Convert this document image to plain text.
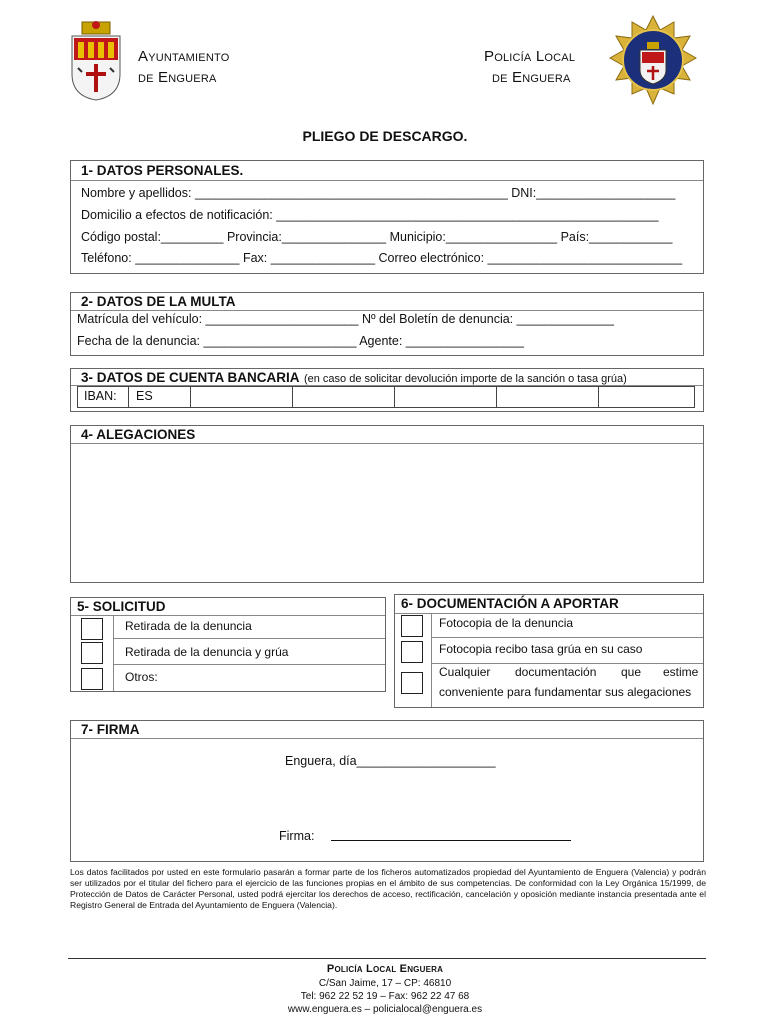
Ayuntamiento
de Enguera
Policía Local
de Enguera
PLIEGO DE DESCARGO.
1- DATOS PERSONALES.
Nombre y apellidos: _____________________________________________ DNI:____________________
Domicilio a efectos de notificación: _______________________________________________________
Código postal:_________ Provincia:_______________ Municipio:________________ País:____________
Teléfono: _______________ Fax: _______________ Correo electrónico: ____________________________
2- DATOS DE LA MULTA
Matrícula del vehículo: ______________________ Nº del Boletín de denuncia: ______________
Fecha de la denuncia: ______________________ Agente: _________________
3- DATOS DE CUENTA BANCARIA (en caso de solicitar devolución importe de la sanción o tasa grúa)
IBAN: ES
4- ALEGACIONES
5- SOLICITUD
Retirada de la denuncia
Retirada de la denuncia y grúa
Otros:
6- DOCUMENTACIÓN A APORTAR
Fotocopia de la denuncia
Fotocopia recibo tasa grúa en su caso
Cualquier documentación que estime
conveniente para fundamentar sus alegaciones
7- FIRMA
Enguera, día____________________
Firma:
Los datos facilitados por usted en este formulario pasarán a formar parte de los ficheros automatizados propiedad del Ayuntamiento de Enguera (Valencia) y podrán ser utilizados por el titular del fichero para el ejercicio de las funciones propias en el ámbito de sus competencias. De conformidad con la Ley Orgánica 15/1999, de Protección de Datos de Carácter Personal, usted podrá ejercitar los derechos de acceso, rectificación, cancelación y oposición mediante instancia presentada ante el Registro General de Entrada del Ayuntamiento de Enguera (Valencia).
Policía Local Enguera
C/San Jaime, 17 – CP: 46810
Tel: 962 22 52 19 – Fax: 962 22 47 68
www.enguera.es – policialocal@enguera.es
